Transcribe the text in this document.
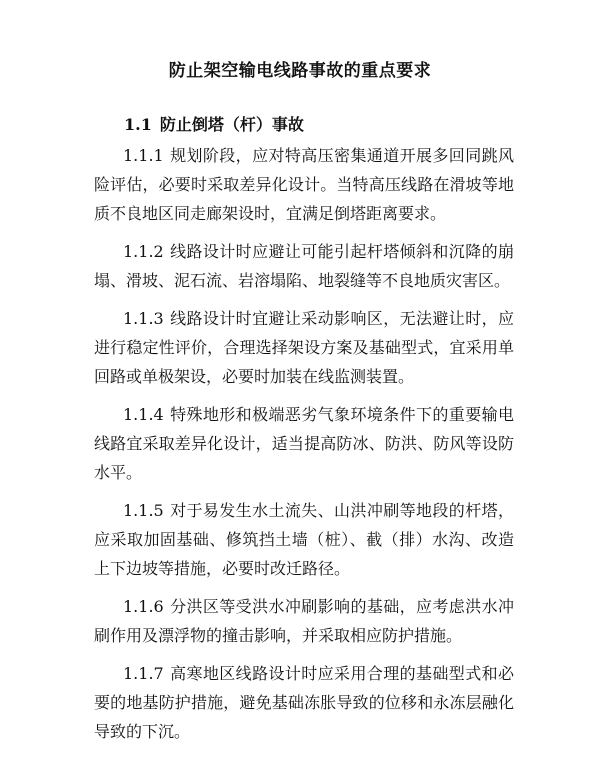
防止架空输电线路事故的重点要求
1.1 防止倒塔（杆）事故

1.1.1 规划阶段，应对特高压密集通道开展多回同跳风险评估，必要时采取差异化设计。当特高压线路在滑坡等地质不良地区同走廊架设时，宜满足倒塔距离要求。

1.1.2 线路设计时应避让可能引起杆塔倾斜和沉降的崩塌、滑坡、泥石流、岩溶塌陷、地裂缝等不良地质灾害区。

1.1.3 线路设计时宜避让采动影响区，无法避让时，应进行稳定性评价，合理选择架设方案及基础型式，宜采用单回路或单极架设，必要时加装在线监测装置。

1.1.4 特殊地形和极端恶劣气象环境条件下的重要输电线路宜采取差异化设计，适当提高防冰、防洪、防风等设防水平。

1.1.5 对于易发生水土流失、山洪冲刷等地段的杆塔，应采取加固基础、修筑挡土墙（桩）、截（排）水沟、改造上下边坡等措施，必要时改迁路径。

1.1.6 分洪区等受洪水冲刷影响的基础，应考虑洪水冲刷作用及漂浮物的撞击影响，并采取相应防护措施。

1.1.7 高寒地区线路设计时应采用合理的基础型式和必要的地基防护措施，避免基础冻胀导致的位移和永冻层融化导致的下沉。
